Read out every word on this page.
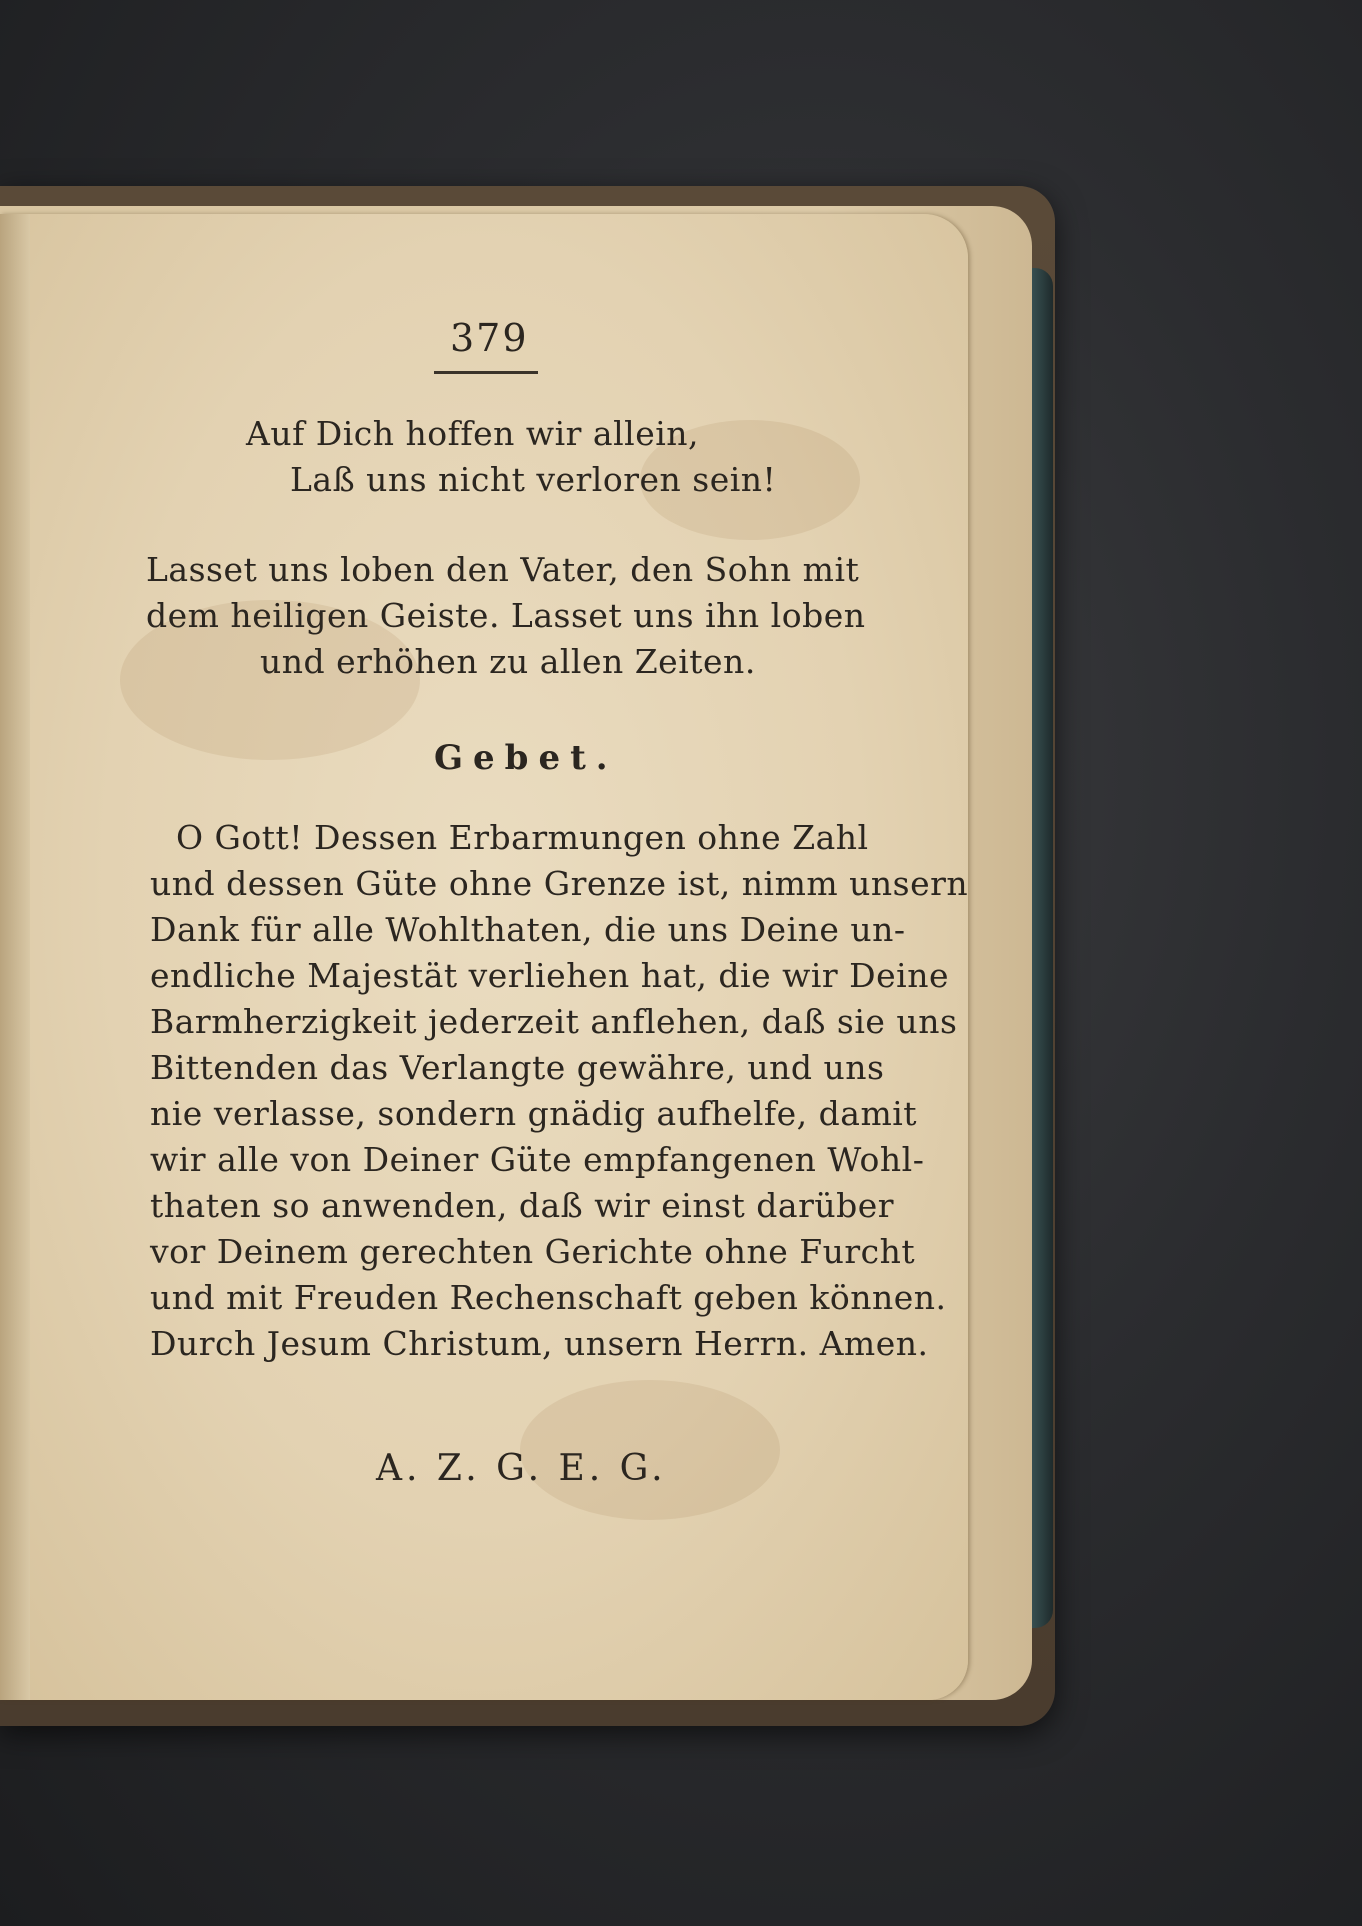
379
Auf Dich hoffen wir allein,
Laß uns nicht verloren sein!
Lasset uns loben den Vater, den Sohn mit
dem heiligen Geiste. Lasset uns ihn loben
und erhöhen zu allen Zeiten.
Gebet.
O Gott! Dessen Erbarmungen ohne Zahl
und dessen Güte ohne Grenze ist, nimm unsern
Dank für alle Wohlthaten, die uns Deine un-
endliche Majestät verliehen hat, die wir Deine
Barmherzigkeit jederzeit anflehen, daß sie uns
Bittenden das Verlangte gewähre, und uns
nie verlasse, sondern gnädig aufhelfe, damit
wir alle von Deiner Güte empfangenen Wohl-
thaten so anwenden, daß wir einst darüber
vor Deinem gerechten Gerichte ohne Furcht
und mit Freuden Rechenschaft geben können.
Durch Jesum Christum, unsern Herrn. Amen.
A. Z. G. E. G.
